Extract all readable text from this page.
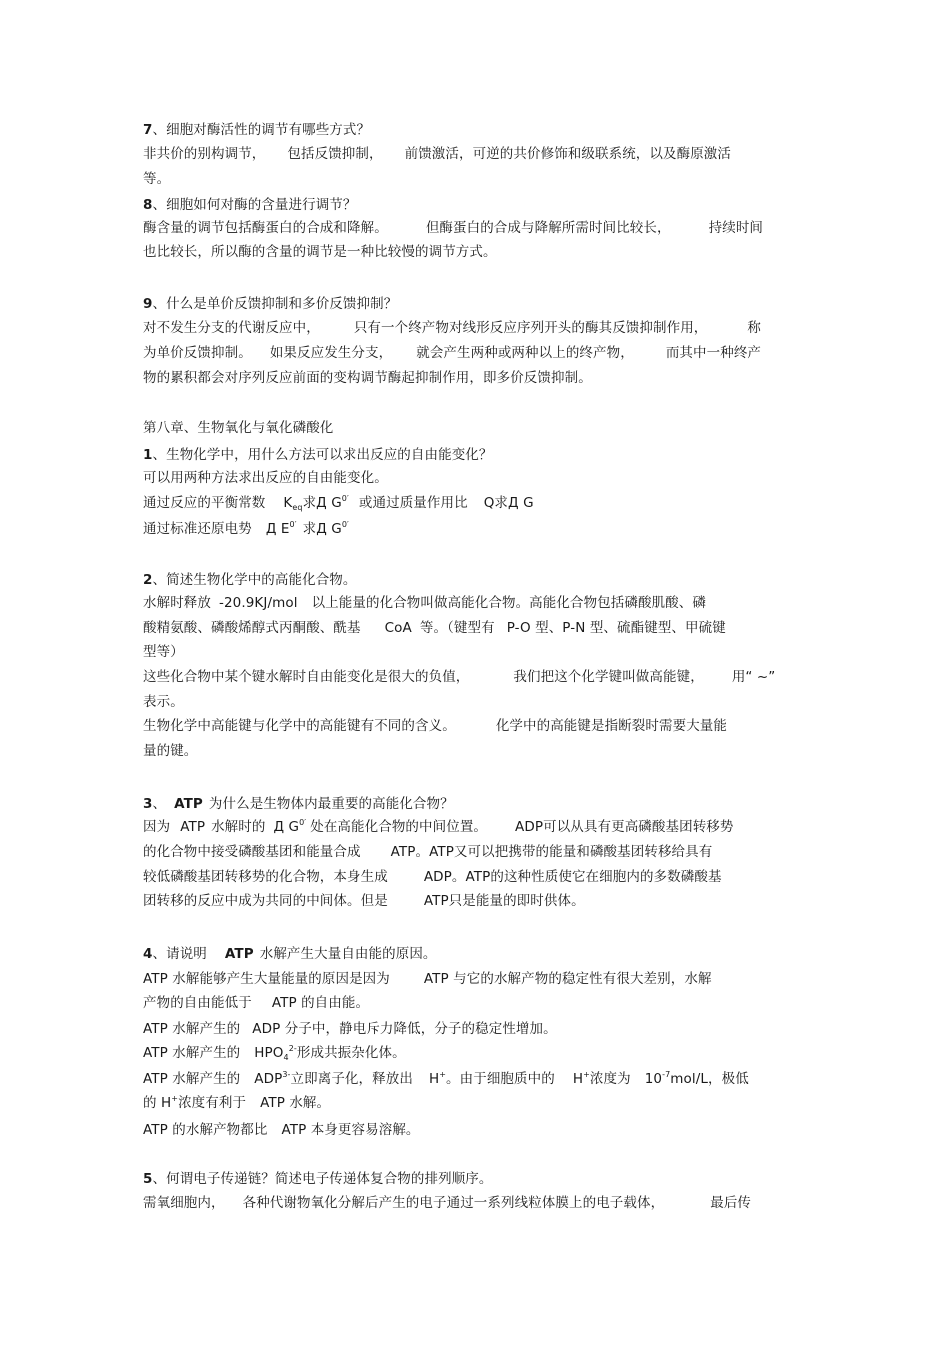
7、细胞对酶活性的调节有哪些方式？
非共价的别构调节， 包括反馈抑制， 前馈激活，可逆的共价修饰和级联系统，以及酶原激活
等。
8、细胞如何对酶的含量进行调节？
酶含量的调节包括酶蛋白的合成和降解。	但酶蛋白的合成与降解所需时间比较长，	持续时间
也比较长，所以酶的含量的调节是一种比较慢的调节方式。
9、什么是单价反馈抑制和多价反馈抑制？
对不发生分支的代谢反应中，	只有一个终产物对线形反应序列开头的酶其反馈抑制作用，	称
为单价反馈抑制。 如果反应发生分支， 就会产生两种或两种以上的终产物， 而其中一种终产
物的累积都会对序列反应前面的变构调节酶起抑制作用，即多价反馈抑制。
第八章、生物氧化与氧化磷酸化
1、生物化学中，用什么方法可以求出反应的自由能变化？
可以用两种方法求出反应的自由能变化。
通过反应的平衡常数 $K_{eq}$求Д $G^{0'}$ 或通过质量作用比 Q求Д G
通过标准还原电势 Д $E^{0'}$ 求Д $G^{0'}$
2、简述生物化学中的高能化合物。
水解时释放 -20.9KJ/mol 以上能量的化合物叫做高能化合物。高能化合物包括磷酸肌酸、磷
酸精氨酸、磷酸烯醇式丙酮酸、酰基 CoA 等。（键型有 P-O 型、P-N 型、硫酯键型、甲硫键
型等）
这些化合物中某个键水解时自由能变化是很大的负值，	我们把这个化学键叫做高能键， 用“ ~”
表示。
生物化学中高能键与化学中的高能键有不同的含义。	化学中的高能键是指断裂时需要大量能
量的键。
3、 ATP 为什么是生物体内最重要的高能化合物？
因为 ATP 水解时的 Д $G^{0'}$ 处在高能化合物的中间位置。 ADP可以从具有更高磷酸基团转移势
的化合物中接受磷酸基团和能量合成 ATP。ATP又可以把携带的能量和磷酸基团转移给具有
较低磷酸基团转移势的化合物，本身生成	ADP。ATP的这种性质使它在细胞内的多数磷酸基
团转移的反应中成为共同的中间体。但是	ATP只是能量的即时供体。
4、请说明 ATP 水解产生大量自由能的原因。
ATP 水解能够产生大量能量的原因是因为	ATP 与它的水解产物的稳定性有很大差别，水解
产物的自由能低于 ATP 的自由能。
ATP 水解产生的 ADP 分子中，静电斥力降低，分子的稳定性增加。
ATP 水解产生的 $HPO_4^{2-}$形成共振杂化体。
ATP 水解产生的 $ADP^{3-}$立即离子化，释放出 H+。由于细胞质中的 H+浓度为 $10^{-7}mol/L$，极低
的 H+浓度有利于 ATP 水解。
ATP 的水解产物都比 ATP 本身更容易溶解。
5、何谓电子传递链？简述电子传递体复合物的排列顺序。
需氧细胞内， 各种代谢物氧化分解后产生的电子通过一系列线粒体膜上的电子载体，	最后传
